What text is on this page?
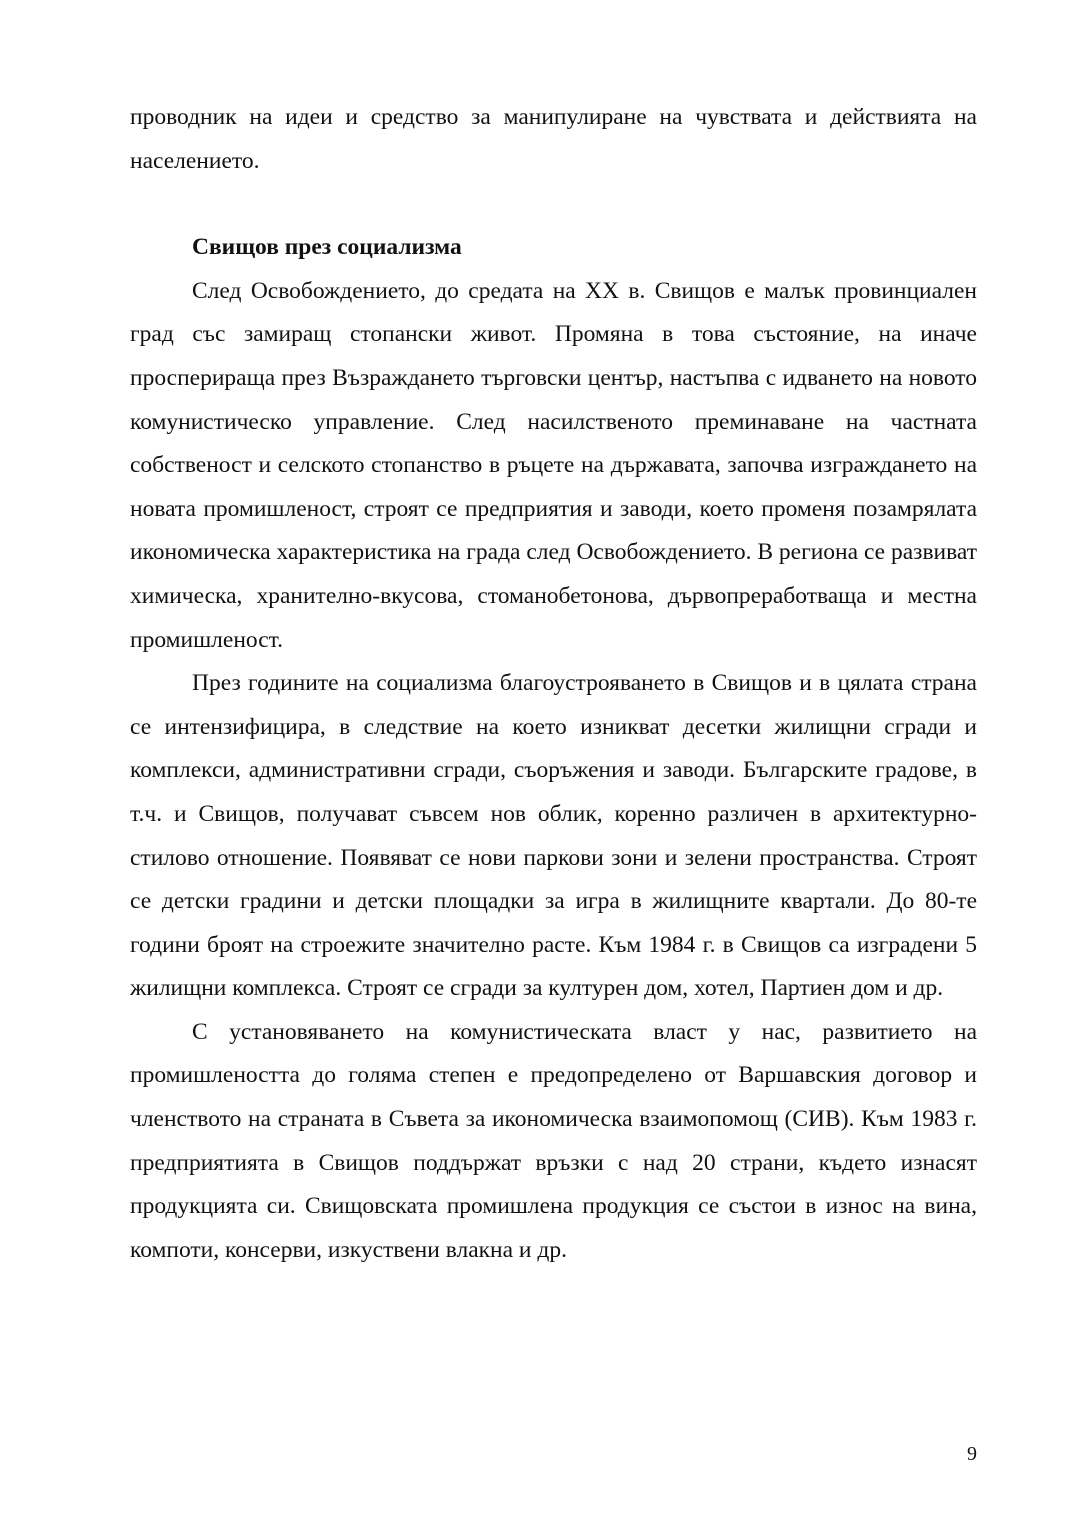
проводник на идеи и средство за манипулиране на чувствата и действията на населението.

Свищов през социализма

След Освобождението, до средата на XX в. Свищов е малък провинциален град със замиращ стопански живот. Промяна в това състояние, на иначе просперираща през Възраждането търговски център, настъпва с идването на новото комунистическо управление. След насилственото преминаване на частната собственост и селското стопанство в ръцете на държавата, започва изграждането на новата промишленост, строят се предприятия и заводи, което променя позамрялата икономическа характеристика на града след Освобождението. В региона се развиват химическа, хранително-вкусова, стоманобетонова, дървопреработваща и местна промишленост.

През годините на социализма благоустрояването в Свищов и в цялата страна се интензифицира, в следствие на което изникват десетки жилищни сгради и комплекси, административни сгради, съоръжения и заводи. Българските градове, в т.ч. и Свищов, получават съвсем нов облик, коренно различен в архитектурно-стилово отношение. Появяват се нови паркови зони и зелени пространства. Строят се детски градини и детски площадки за игра в жилищните квартали. До 80-те години броят на строежите значително расте. Към 1984 г. в Свищов са изградени 5 жилищни комплекса. Строят се сгради за културен дом, хотел, Партиен дом и др.

С установяването на комунистическата власт у нас, развитието на промишлеността до голяма степен е предопределено от Варшавския договор и членството на страната в Съвета за икономическа взаимопомощ (СИВ). Към 1983 г. предприятията в Свищов поддържат връзки с над 20 страни, където изнасят продукцията си. Свищовската промишлена продукция се състои в износ на вина, компоти, консерви, изкуствени влакна и др.

9
